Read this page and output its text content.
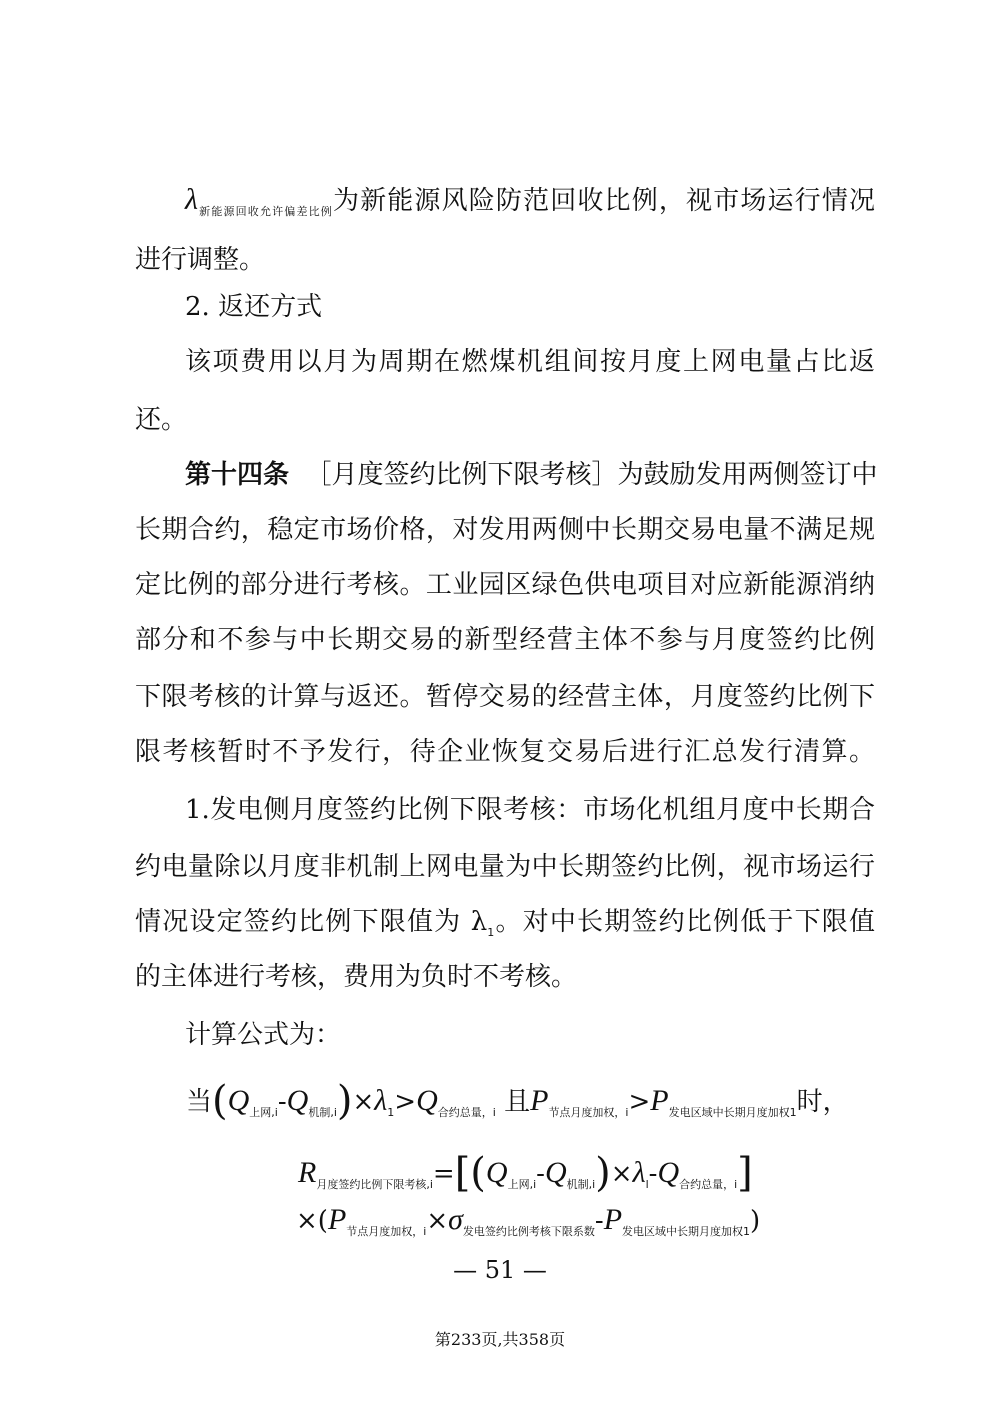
$\lambda_{新能源回收允许偏差比例}$为新能源风险防范回收比例，视市场运行情况
进行调整。
2. 返还方式
该项费用以月为周期在燃煤机组间按月度上网电量占比返
还。
第十四条 ［月度签约比例下限考核］为鼓励发用两侧签订中
长期合约，稳定市场价格，对发用两侧中长期交易电量不满足规
定比例的部分进行考核。工业园区绿色供电项目对应新能源消纳
部分和不参与中长期交易的新型经营主体不参与月度签约比例
下限考核的计算与返还。暂停交易的经营主体，月度签约比例下
限考核暂时不予发行，待企业恢复交易后进行汇总发行清算。
1.发电侧月度签约比例下限考核：市场化机组月度中长期合
约电量除以月度非机制上网电量为中长期签约比例，视市场运行
情况设定签约比例下限值为 $\lambda_1$。对中长期签约比例低于下限值
的主体进行考核，费用为负时不考核。
计算公式为：
当$(Q_{上网,i}-Q_{机制,i})\times\lambda_1>Q_{合约总量,i}$ 且$P_{节点月度加权,i}>P_{发电区域中长期月度加权1}$时，
$R_{月度签约比例下限考核,i}=[(Q_{上网,i}-Q_{机制,i})\times\lambda_l-Q_{合约总量,i}]$
$\times(P_{节点月度加权,i}\times\sigma_{发电签约比例考核下限系数}-P_{发电区域中长期月度加权1})$
— 51 —
第233页,共358页
